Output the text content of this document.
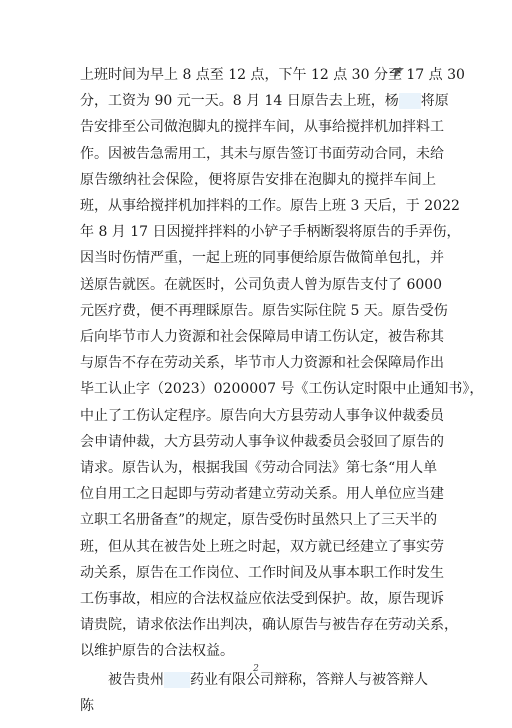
上班时间为早上 8 点至 12 点，下午 12 点 30 分至 17 点 30
分，工资为 90 元一天。8 月 14 日原告去上班，杨 将原
告安排至公司做泡脚丸的搅拌车间，从事给搅拌机加拌料工
作。因被告急需用工，其未与原告签订书面劳动合同，未给
原告缴纳社会保险，便将原告安排在泡脚丸的搅拌车间上
班，从事给搅拌机加拌料的工作。原告上班 3 天后，于 2022
年 8 月 17 日因搅拌拌料的小铲子手柄断裂将原告的手弄伤，
因当时伤情严重，一起上班的同事便给原告做简单包扎，并
送原告就医。在就医时，公司负责人曾为原告支付了 6000
元医疗费，便不再理睬原告。原告实际住院 5 天。原告受伤
后向毕节市人力资源和社会保障局申请工伤认定，被告称其
与原告不存在劳动关系，毕节市人力资源和社会保障局作出
毕工认止字（2023）0200007 号《工伤认定时限中止通知书》，
中止了工伤认定程序。原告向大方县劳动人事争议仲裁委员
会申请仲裁，大方县劳动人事争议仲裁委员会驳回了原告的
请求。原告认为，根据我国《劳动合同法》第七条“用人单
位自用工之日起即与劳动者建立劳动关系。用人单位应当建
立职工名册备查”的规定，原告受伤时虽然只上了三天半的
班，但从其在被告处上班之时起，双方就已经建立了事实劳
动关系，原告在工作岗位、工作时间及从事本职工作时发生
工伤事故，相应的合法权益应依法受到保护。故，原告现诉
请贵院，请求依法作出判决，确认原告与被告存在劳动关系，
以维护原告的合法权益。
被告贵州 药业有限公司辩称，答辩人与被答辩人陈
2
